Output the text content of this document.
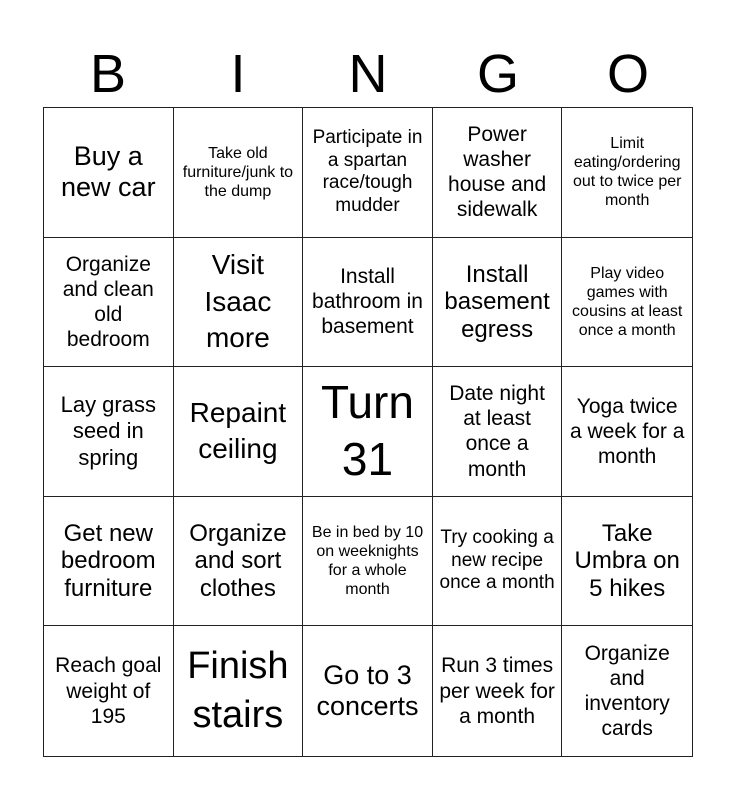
B	I	N	G	O
Buy a new car
Take old furniture/junk to the dump
Participate in a spartan race/tough mudder
Power washer house and sidewalk
Limit eating/ordering out to twice per month
Organize and clean old bedroom
Visit Isaac more
Install bathroom in basement
Install basement egress
Play video games with cousins at least once a month
Lay grass seed in spring
Repaint ceiling
Turn 31
Date night at least once a month
Yoga twice a week for a month
Get new bedroom furniture
Organize and sort clothes
Be in bed by 10 on weeknights for a whole month
Try cooking a new recipe once a month
Take Umbra on 5 hikes
Reach goal weight of 195
Finish stairs
Go to 3 concerts
Run 3 times per week for a month
Organize and inventory cards
